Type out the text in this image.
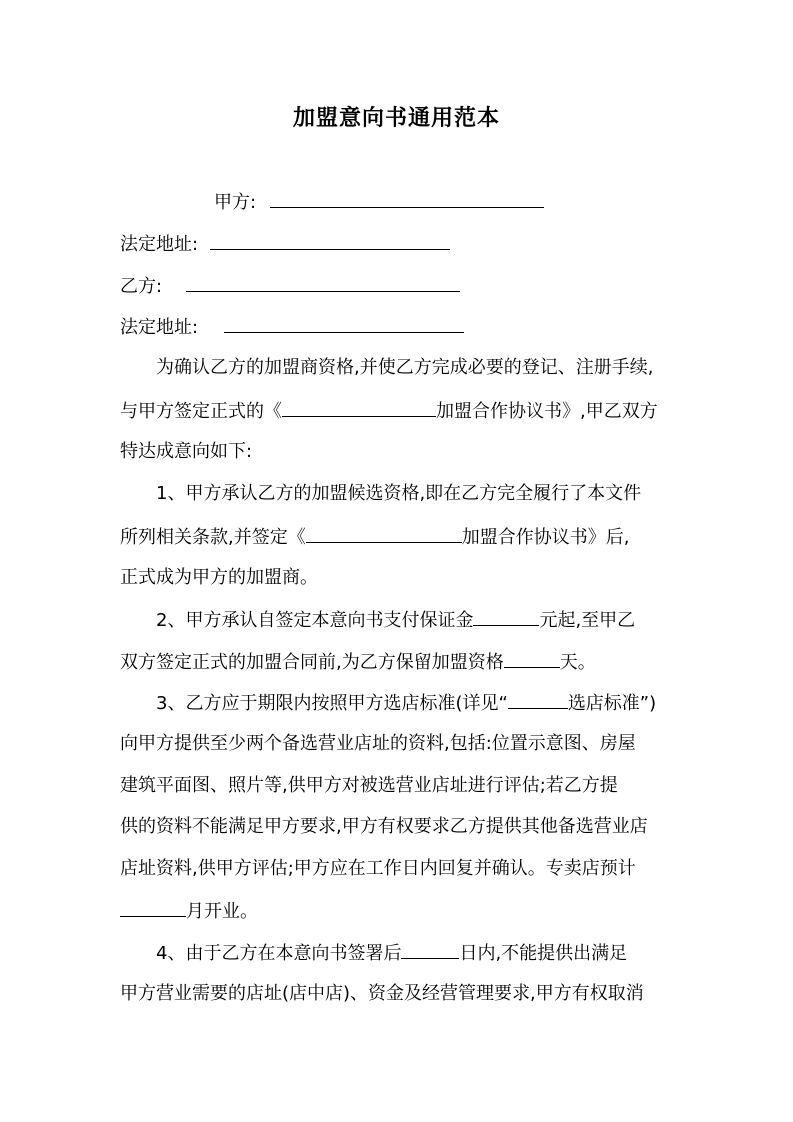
加盟意向书通用范本
甲方:
法定地址:
乙方:
法定地址:
为确认乙方的加盟商资格,并使乙方完成必要的登记、注册手续,
与甲方签定正式的《	加盟合作协议书》,甲乙双方
特达成意向如下:
1、甲方承认乙方的加盟候选资格,即在乙方完全履行了本文件
所列相关条款,并签定《	加盟合作协议书》后,
正式成为甲方的加盟商。
2、甲方承认自签定本意向书支付保证金	元起,至甲乙
双方签定正式的加盟合同前,为乙方保留加盟资格	天。
3、乙方应于期限内按照甲方选店标准(详见“	选店标准”)
向甲方提供至少两个备选营业店址的资料,包括:位置示意图、房屋
建筑平面图、照片等,供甲方对被选营业店址进行评估;若乙方提
供的资料不能满足甲方要求,甲方有权要求乙方提供其他备选营业店
店址资料,供甲方评估;甲方应在工作日内回复并确认。专卖店预计
月开业。
4、由于乙方在本意向书签署后	日内,不能提供出满足
甲方营业需要的店址(店中店)、资金及经营管理要求,甲方有权取消
